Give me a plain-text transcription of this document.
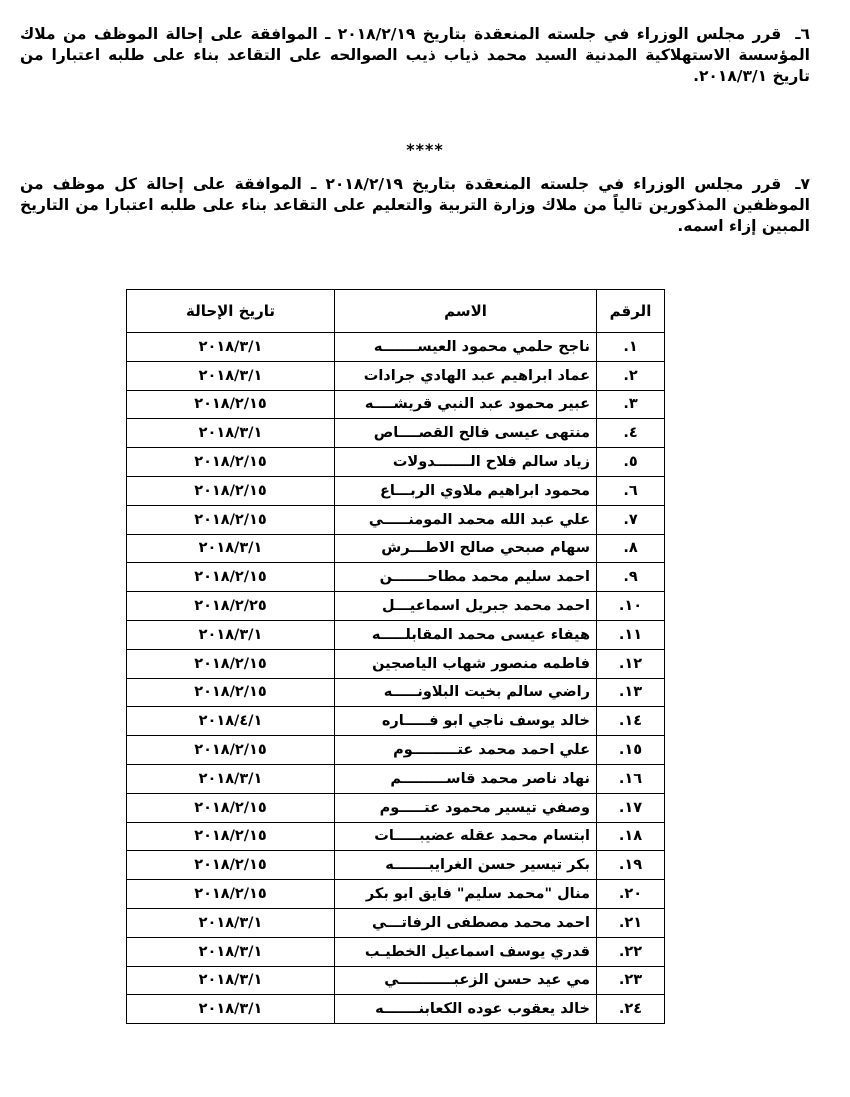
٦ـقرر مجلس الوزراء في جلسته المنعقدة بتاريخ ٢٠١٨/٢/١٩ ـ الموافقة على إحالة الموظف من ملاك المؤسسة الاستهلاكية المدنية السيد محمد ذياب ذيب الصوالحه على التقاعد بناء على طلبه اعتبارا من تاريخ ٢٠١٨/٣/١.
****
٧ـقرر مجلس الوزراء في جلسته المنعقدة بتاريخ ٢٠١٨/٢/١٩ ـ الموافقة على إحالة كل موظف من الموظفين المذكورين تالياً من ملاك وزارة التربية والتعليم على التقاعد بناء على طلبه اعتبارا من التاريخ المبين إزاء اسمه.
الرقم	الاسم	تاريخ الإحالة
١.	ناجح حلمي محمود العيســـــــه	٢٠١٨/٣/١
٢.	عماد ابراهيم عبد الهادي جرادات	٢٠١٨/٣/١
٣.	عبير محمود عبد النبي قريشــــه	٢٠١٨/٢/١٥
٤.	منتهى عيسى فالح القصــــاص	٢٠١٨/٣/١
٥.	زياد سالم فلاح الـــــــدولات	٢٠١٨/٢/١٥
٦.	محمود ابراهيم ملاوي الربـــاع	٢٠١٨/٢/١٥
٧.	علي عبد الله محمد المومنـــــي	٢٠١٨/٢/١٥
٨.	سهام صبحي صالح الاطـــرش	٢٠١٨/٣/١
٩.	احمد سليم محمد مطاحـــــــن	٢٠١٨/٢/١٥
١٠.	احمد محمد جبريل اسماعيـــل	٢٠١٨/٢/٢٥
١١.	هيفاء عيسى محمد المقابلـــــه	٢٠١٨/٣/١
١٢.	فاطمه منصور شهاب الياصجين	٢٠١٨/٢/١٥
١٣.	راضي سالم بخيت البلاونـــــه	٢٠١٨/٢/١٥
١٤.	خالد يوسف ناجي ابو فـــــاره	٢٠١٨/٤/١
١٥.	علي احمد محمد عتـــــــــوم	٢٠١٨/٢/١٥
١٦.	نهاد ناصر محمد قاســـــــــم	٢٠١٨/٣/١
١٧.	وصفي تيسير محمود عتـــــوم	٢٠١٨/٢/١٥
١٨.	ابتسام محمد عقله عضيبـــــات	٢٠١٨/٢/١٥
١٩.	بكر تيسير حسن الغرايبـــــــه	٢٠١٨/٢/١٥
٢٠.	منال "محمد سليم" فايق ابو بكر	٢٠١٨/٢/١٥
٢١.	احمد محمد مصطفى الرفاتـــي	٢٠١٨/٣/١
٢٢.	قدري يوسف اسماعيل الخطيـب	٢٠١٨/٣/١
٢٣.	مي عيد حسن الزعبـــــــــــي	٢٠١٨/٣/١
٢٤.	خالد يعقوب عوده الكعابنـــــــه	٢٠١٨/٣/١
